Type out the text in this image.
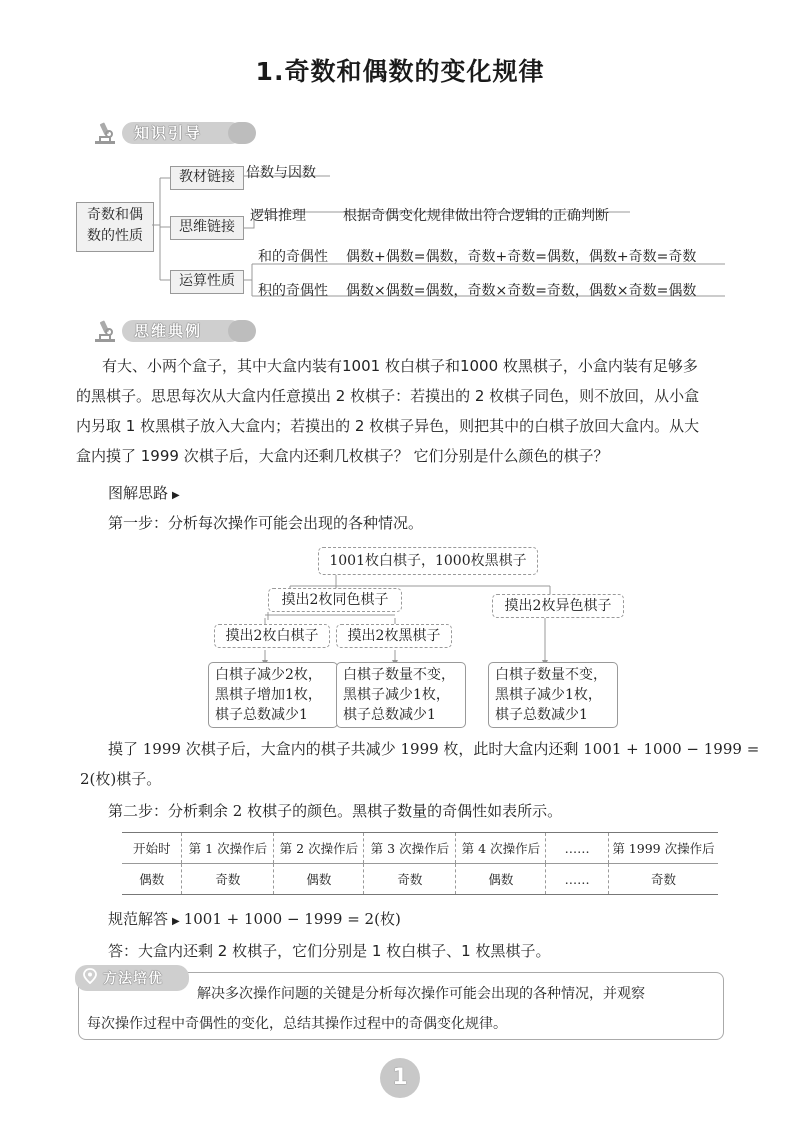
1.奇数和偶数的变化规律
知识引导
奇数和偶数的性质
教材链接 倍数与因数
思维链接
逻辑推理	根据奇偶变化规律做出符合逻辑的正确判断
运算性质
和的奇偶性 偶数+偶数=偶数，奇数+奇数=偶数，偶数+奇数=奇数
积的奇偶性 偶数×偶数=偶数，奇数×奇数=奇数，偶数×奇数=偶数
思维典例
有大、小两个盒子，其中大盒内装有1001 枚白棋子和1000 枚黑棋子，小盒内装有足够多
的黑棋子。思思每次从大盒内任意摸出 2 枚棋子：若摸出的 2 枚棋子同色，则不放回，从小盒
内另取 1 枚黑棋子放入大盒内；若摸出的 2 枚棋子异色，则把其中的白棋子放回大盒内。从大
盒内摸了 1999 次棋子后，大盒内还剩几枚棋子？ 它们分别是什么颜色的棋子？
图解思路 ▶
第一步：分析每次操作可能会出现的各种情况。
1001枚白棋子，1000枚黑棋子
摸出2枚同色棋子	摸出2枚异色棋子
摸出2枚白棋子	摸出2枚黑棋子
白棋子减少2枚，
黑棋子增加1枚，
棋子总数减少1
白棋子数量不变，
黑棋子减少1枚，
棋子总数减少1
白棋子数量不变，
黑棋子减少1枚，
棋子总数减少1
摸了 1999 次棋子后，大盒内的棋子共减少 1999 枚，此时大盒内还剩 1001 + 1000 − 1999 =
2(枚)棋子。
第二步：分析剩余 2 枚棋子的颜色。黑棋子数量的奇偶性如表所示。
开始时	第 1 次操作后	第 2 次操作后	第 3 次操作后	第 4 次操作后	……	第 1999 次操作后
偶数	奇数	偶数	奇数	偶数	……	奇数
规范解答 ▶ 1001 + 1000 − 1999 = 2(枚)
答：大盒内还剩 2 枚棋子，它们分别是 1 枚白棋子、1 枚黑棋子。
方法培优
解决多次操作问题的关键是分析每次操作可能会出现的各种情况，并观察
每次操作过程中奇偶性的变化，总结其操作过程中的奇偶变化规律。
1
